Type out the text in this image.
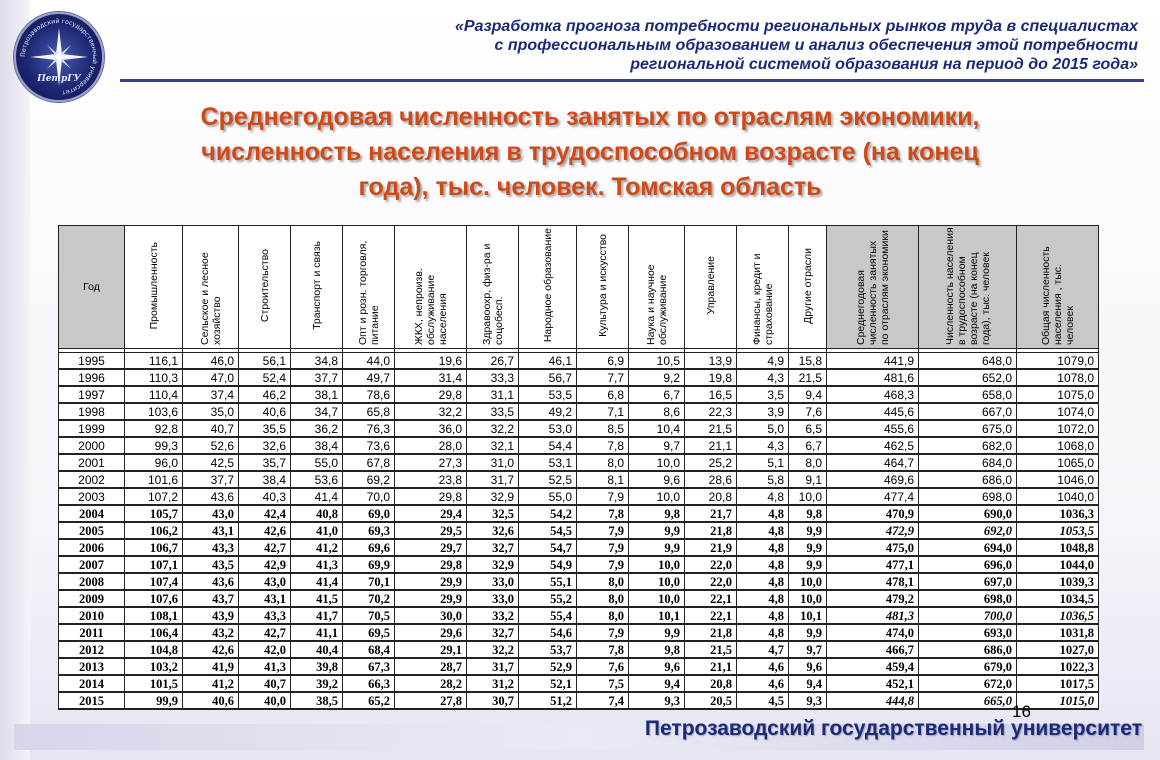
Петрозаводский государственный университет
ПетрГУ
«Разработка прогноза потребности региональных рынков труда в специалистах
с профессиональным образованием и анализ обеспечения этой потребности
региональной системой образования на период до 2015 года»
Среднегодовая численность занятых по отраслям экономики,
численность населения в трудоспособном возрасте (на конец
года), тыс. человек. Томская область
Год	Промышленность	Сельское и лесное хозяйство	Строительство	Транспорт и связь	Опт и розн. торговля, питание	ЖКХ, непроизв. обслуживание населения	Здравоохр, физ-ра и соцобесп.	Народное образование	Культура и искусство	Наука и научное обслуживание	Управление	Финансы, кредит и страхование	Другие отрасли	Среднегодовая численность занятых по отраслям экономики	Численность населения в трудоспособном возрасте (на конец года), тыс. человек	Общая численность населения , тыс. человек

1995	116,1	46,0	56,1	34,8	44,0	19,6	26,7	46,1	6,9	10,5	13,9	4,9	15,8	441,9	648,0	1079,0
1996	110,3	47,0	52,4	37,7	49,7	31,4	33,3	56,7	7,7	9,2	19,8	4,3	21,5	481,6	652,0	1078,0
1997	110,4	37,4	46,2	38,1	78,6	29,8	31,1	53,5	6,8	6,7	16,5	3,5	9,4	468,3	658,0	1075,0
1998	103,6	35,0	40,6	34,7	65,8	32,2	33,5	49,2	7,1	8,6	22,3	3,9	7,6	445,6	667,0	1074,0
1999	92,8	40,7	35,5	36,2	76,3	36,0	32,2	53,0	8,5	10,4	21,5	5,0	6,5	455,6	675,0	1072,0
2000	99,3	52,6	32,6	38,4	73,6	28,0	32,1	54,4	7,8	9,7	21,1	4,3	6,7	462,5	682,0	1068,0
2001	96,0	42,5	35,7	55,0	67,8	27,3	31,0	53,1	8,0	10,0	25,2	5,1	8,0	464,7	684,0	1065,0
2002	101,6	37,7	38,4	53,6	69,2	23,8	31,7	52,5	8,1	9,6	28,6	5,8	9,1	469,6	686,0	1046,0
2003	107,2	43,6	40,3	41,4	70,0	29,8	32,9	55,0	7,9	10,0	20,8	4,8	10,0	477,4	698,0	1040,0
2004	105,7	43,0	42,4	40,8	69,0	29,4	32,5	54,2	7,8	9,8	21,7	4,8	9,8	470,9	690,0	1036,3
2005	106,2	43,1	42,6	41,0	69,3	29,5	32,6	54,5	7,9	9,9	21,8	4,8	9,9	472,9	692,0	1053,5
2006	106,7	43,3	42,7	41,2	69,6	29,7	32,7	54,7	7,9	9,9	21,9	4,8	9,9	475,0	694,0	1048,8
2007	107,1	43,5	42,9	41,3	69,9	29,8	32,9	54,9	7,9	10,0	22,0	4,8	9,9	477,1	696,0	1044,0
2008	107,4	43,6	43,0	41,4	70,1	29,9	33,0	55,1	8,0	10,0	22,0	4,8	10,0	478,1	697,0	1039,3
2009	107,6	43,7	43,1	41,5	70,2	29,9	33,0	55,2	8,0	10,0	22,1	4,8	10,0	479,2	698,0	1034,5
2010	108,1	43,9	43,3	41,7	70,5	30,0	33,2	55,4	8,0	10,1	22,1	4,8	10,1	481,3	700,0	1036,5
2011	106,4	43,2	42,7	41,1	69,5	29,6	32,7	54,6	7,9	9,9	21,8	4,8	9,9	474,0	693,0	1031,8
2012	104,8	42,6	42,0	40,4	68,4	29,1	32,2	53,7	7,8	9,8	21,5	4,7	9,7	466,7	686,0	1027,0
2013	103,2	41,9	41,3	39,8	67,3	28,7	31,7	52,9	7,6	9,6	21,1	4,6	9,6	459,4	679,0	1022,3
2014	101,5	41,2	40,7	39,2	66,3	28,2	31,2	52,1	7,5	9,4	20,8	4,6	9,4	452,1	672,0	1017,5
2015	99,9	40,6	40,0	38,5	65,2	27,8	30,7	51,2	7,4	9,3	20,5	4,5	9,3	444,8	665,0	1015,0
16
Петрозаводский государственный университет
